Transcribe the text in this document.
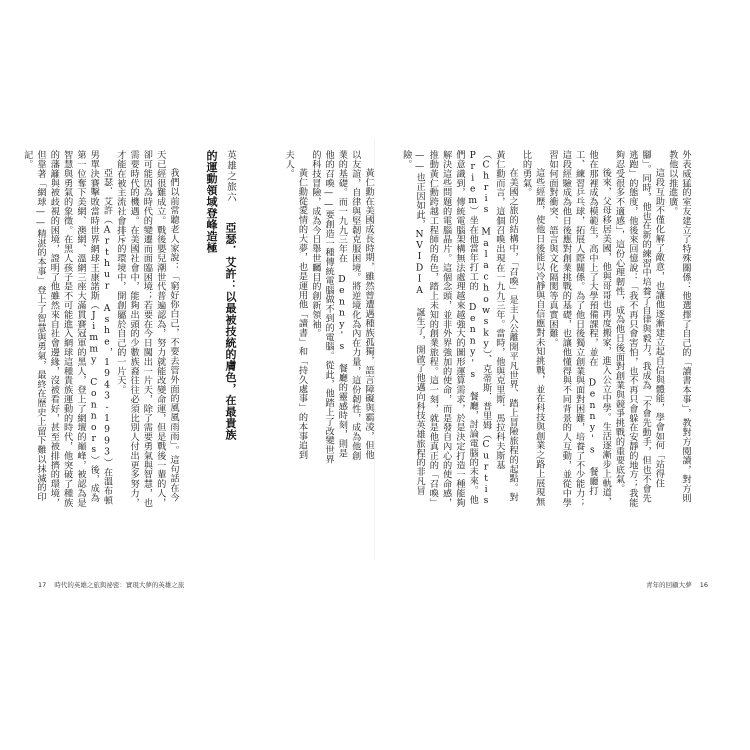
外表威猛的室友建立了特殊關係：他選擇了自己的「讀書本事」，教對方閱讀，對方則教他以推進廣。

這段互助不僅化解了敵意，也讓他逐漸建立起自信與體能，學會如何「站得住腳」。同時，他也在新的練習中培養了自律與毅力，我成為「不會先動手，但也不會先逃跑」的態度，他後來回憶說：「我不再只會害怕，也不再只會躲在安靜的地方；我能夠忍受很多不適感」，這份心理韌性，成為他日後面對創業與競爭挑戰的重要底氣。

後來，父母移居美國，他與哥哥也再度搬家，進入公立中學。生活逐漸步上軌道，他在那裡成為模範生，高中上了大學預備課程，並在 Denny's 餐廳打工、練習乒乓球，拓展人際關係。為了他日後獨立創業與面對困難，培養了不少能力；這段經驗成為他日後應對創業挑戰的基礎，也讓他懂得與不同背景的人互動，並從中學習如何面對衝突、語言與文化隔閡等真實困難。

這些經歷，使他日後能以冷靜與自信應對未知挑戰，並在科技與創業之路上展現無比的勇氣。

在美國之旅的結構中，「召喚」是主人公離開平凡世界、踏上冒險旅程的起點。對黃仁勳而言，這個召喚出現在一九九三年。當時，他與克里斯．馬拉科夫斯基（Chris Malachowsky）、克蒂斯．普里姆（Curtis Priem）坐在他當年打工的 Denny's 餐廳，討論電腦的未來。他們意識到，傳統電腦架構無法處理越來越強大的圖形運算需求，於是決定打造一種能夠解決這些問題的電腦晶片。這個念頭，並非外界強加的使命，而是發自內心的使命感，推動黃仁勳跨越工程師的角色，踏上未知的創業旅程。這一刻，就是他真正的「召喚」——也正因如此，NVIDIA 誕生了，開啟了他邁向科技英雄旅程的非凡冒險。

青年的回顧大夢 16

黃仁勳在美國成長時期，雖然曾遭遇種族孤獨，語言障礙與霸凌，但他以友誼，自律與堅韌克服困境。將逆境化為內在力量，這份韌性，成為他創業的基礎。而一九九三年在 Denny's 餐廳的靈感時刻，則是他的召喚——要創造一種傳統電腦做不到的電腦。從此，他踏上了改變世界的科技冒險，成為今日舉世矚目的創新領袖。

黃仁勳從愛情的大夢，也是運用他「讀書」和「持久處事」的本事追到夫人。

英雄之旅六 亞瑟．艾許：以最被技統的膚色，在最貴族的運動領域登峰造極

我們以前常聽老人家說：「窮好你白己，不要去管外面的風風雨雨」。這句話在今天已經很難成立。戰後嬰兒潮世代普遍認為，努力就能改變命運，但是戰後一輩的人，卻可能因為時代的變遷而面臨困境；若要在今日闖出一片天，除了需要勇氣與智慧，也需要時代的機遇。在美國社會中，能夠出頭的少數族裔往往必須比別人付出更多努力，才能在被主流社會排斥的環境中，開創屬於自己的一片天。

亞瑟．艾許（Arthur Ashe，1943-1993）在溫布頓男單決賽擊敗當時世界網球王康諾斯（Jimmy Connors）後，成為第一位奪下美網、澳網、溫網三座大滿貫賽冠軍的黑人，登上了網壇的巔峰，被認為是智慧與勇氣的象徵。在黑人孩子是不可能進入網球這種貴族運動的時代，他突破了種族的藩籬與被歧視的困境，證明了他雖然來自社會邊緣，沒被看好，甚至被排擠的環境，但靠著「網球——精湛的本事」登上了智慧與勇氣，最終在歷史上留下難以抹滅的印記。

17 時代的英雄之旅與祕密：實現大夢的英雄之旅
